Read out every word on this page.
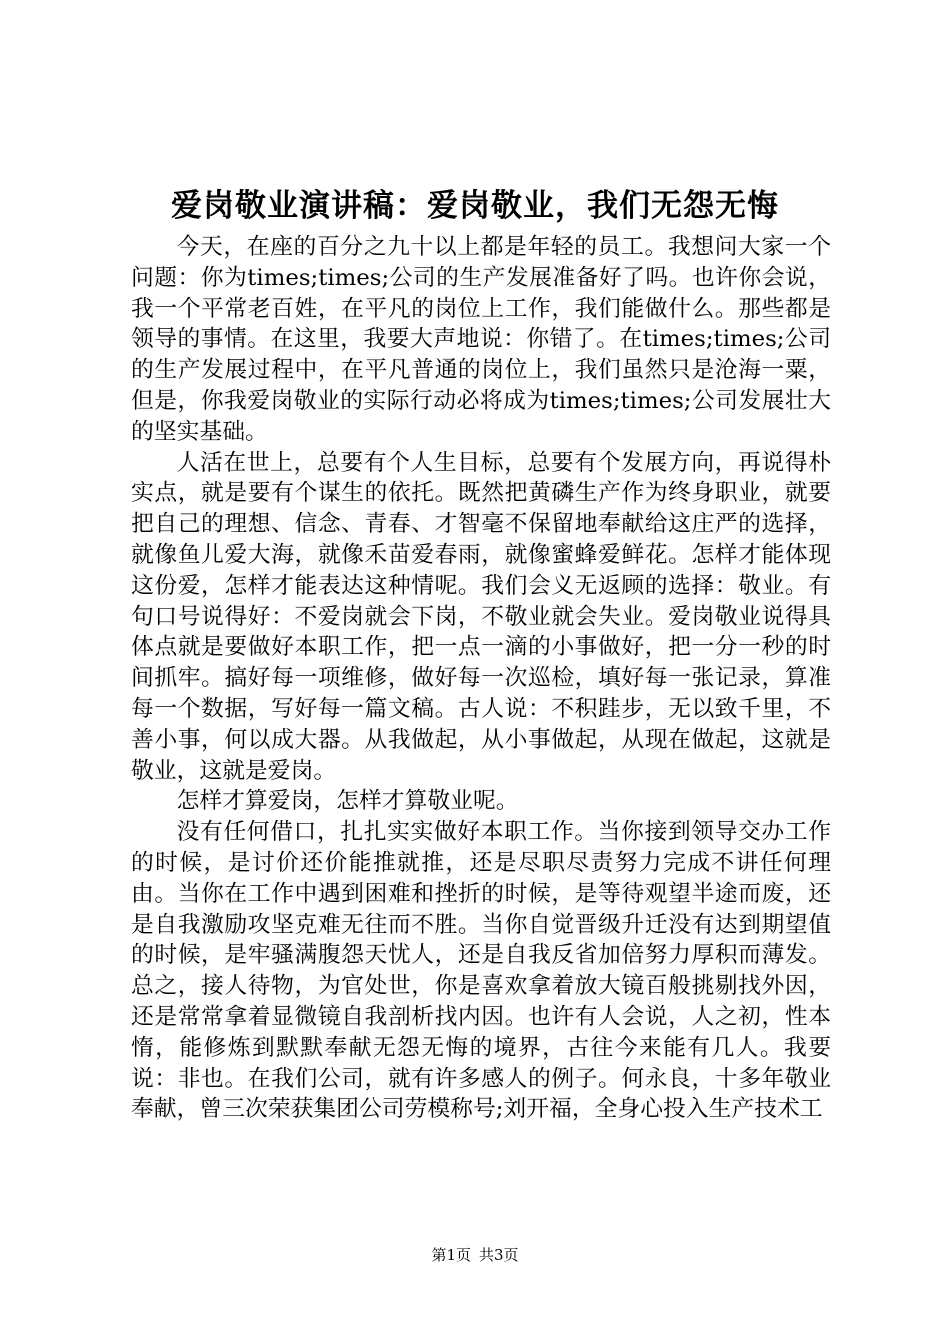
爱岗敬业演讲稿：爱岗敬业，我们无怨无悔

今天，在座的百分之九十以上都是年轻的员工。我想问大家一个问题：你为times;times;公司的生产发展准备好了吗。也许你会说，我一个平常老百姓，在平凡的岗位上工作，我们能做什么。那些都是领导的事情。在这里，我要大声地说：你错了。在times;times;公司的生产发展过程中，在平凡普通的岗位上，我们虽然只是沧海一粟，但是，你我爱岗敬业的实际行动必将成为times;times;公司发展壮大的坚实基础。

人活在世上，总要有个人生目标，总要有个发展方向，再说得朴实点，就是要有个谋生的依托。既然把黄磷生产作为终身职业，就要把自己的理想、信念、青春、才智毫不保留地奉献给这庄严的选择，就像鱼儿爱大海，就像禾苗爱春雨，就像蜜蜂爱鲜花。怎样才能体现这份爱，怎样才能表达这种情呢。我们会义无返顾的选择：敬业。有句口号说得好：不爱岗就会下岗，不敬业就会失业。爱岗敬业说得具体点就是要做好本职工作，把一点一滴的小事做好，把一分一秒的时间抓牢。搞好每一项维修，做好每一次巡检，填好每一张记录，算准每一个数据，写好每一篇文稿。古人说：不积跬步，无以致千里，不善小事，何以成大器。从我做起，从小事做起，从现在做起，这就是敬业，这就是爱岗。

怎样才算爱岗，怎样才算敬业呢。

没有任何借口，扎扎实实做好本职工作。当你接到领导交办工作的时候，是讨价还价能推就推，还是尽职尽责努力完成不讲任何理由。当你在工作中遇到困难和挫折的时候，是等待观望半途而废，还是自我激励攻坚克难无往而不胜。当你自觉晋级升迁没有达到期望值的时候，是牢骚满腹怨天忧人，还是自我反省加倍努力厚积而薄发。总之，接人待物，为官处世，你是喜欢拿着放大镜百般挑剔找外因，还是常常拿着显微镜自我剖析找内因。也许有人会说，人之初，性本惰，能修炼到默默奉献无怨无悔的境界，古往今来能有几人。我要说：非也。在我们公司，就有许多感人的例子。何永良，十多年敬业奉献，曾三次荣获集团公司劳模称号;刘开福，全身心投入生产技术工

第1页 共3页
